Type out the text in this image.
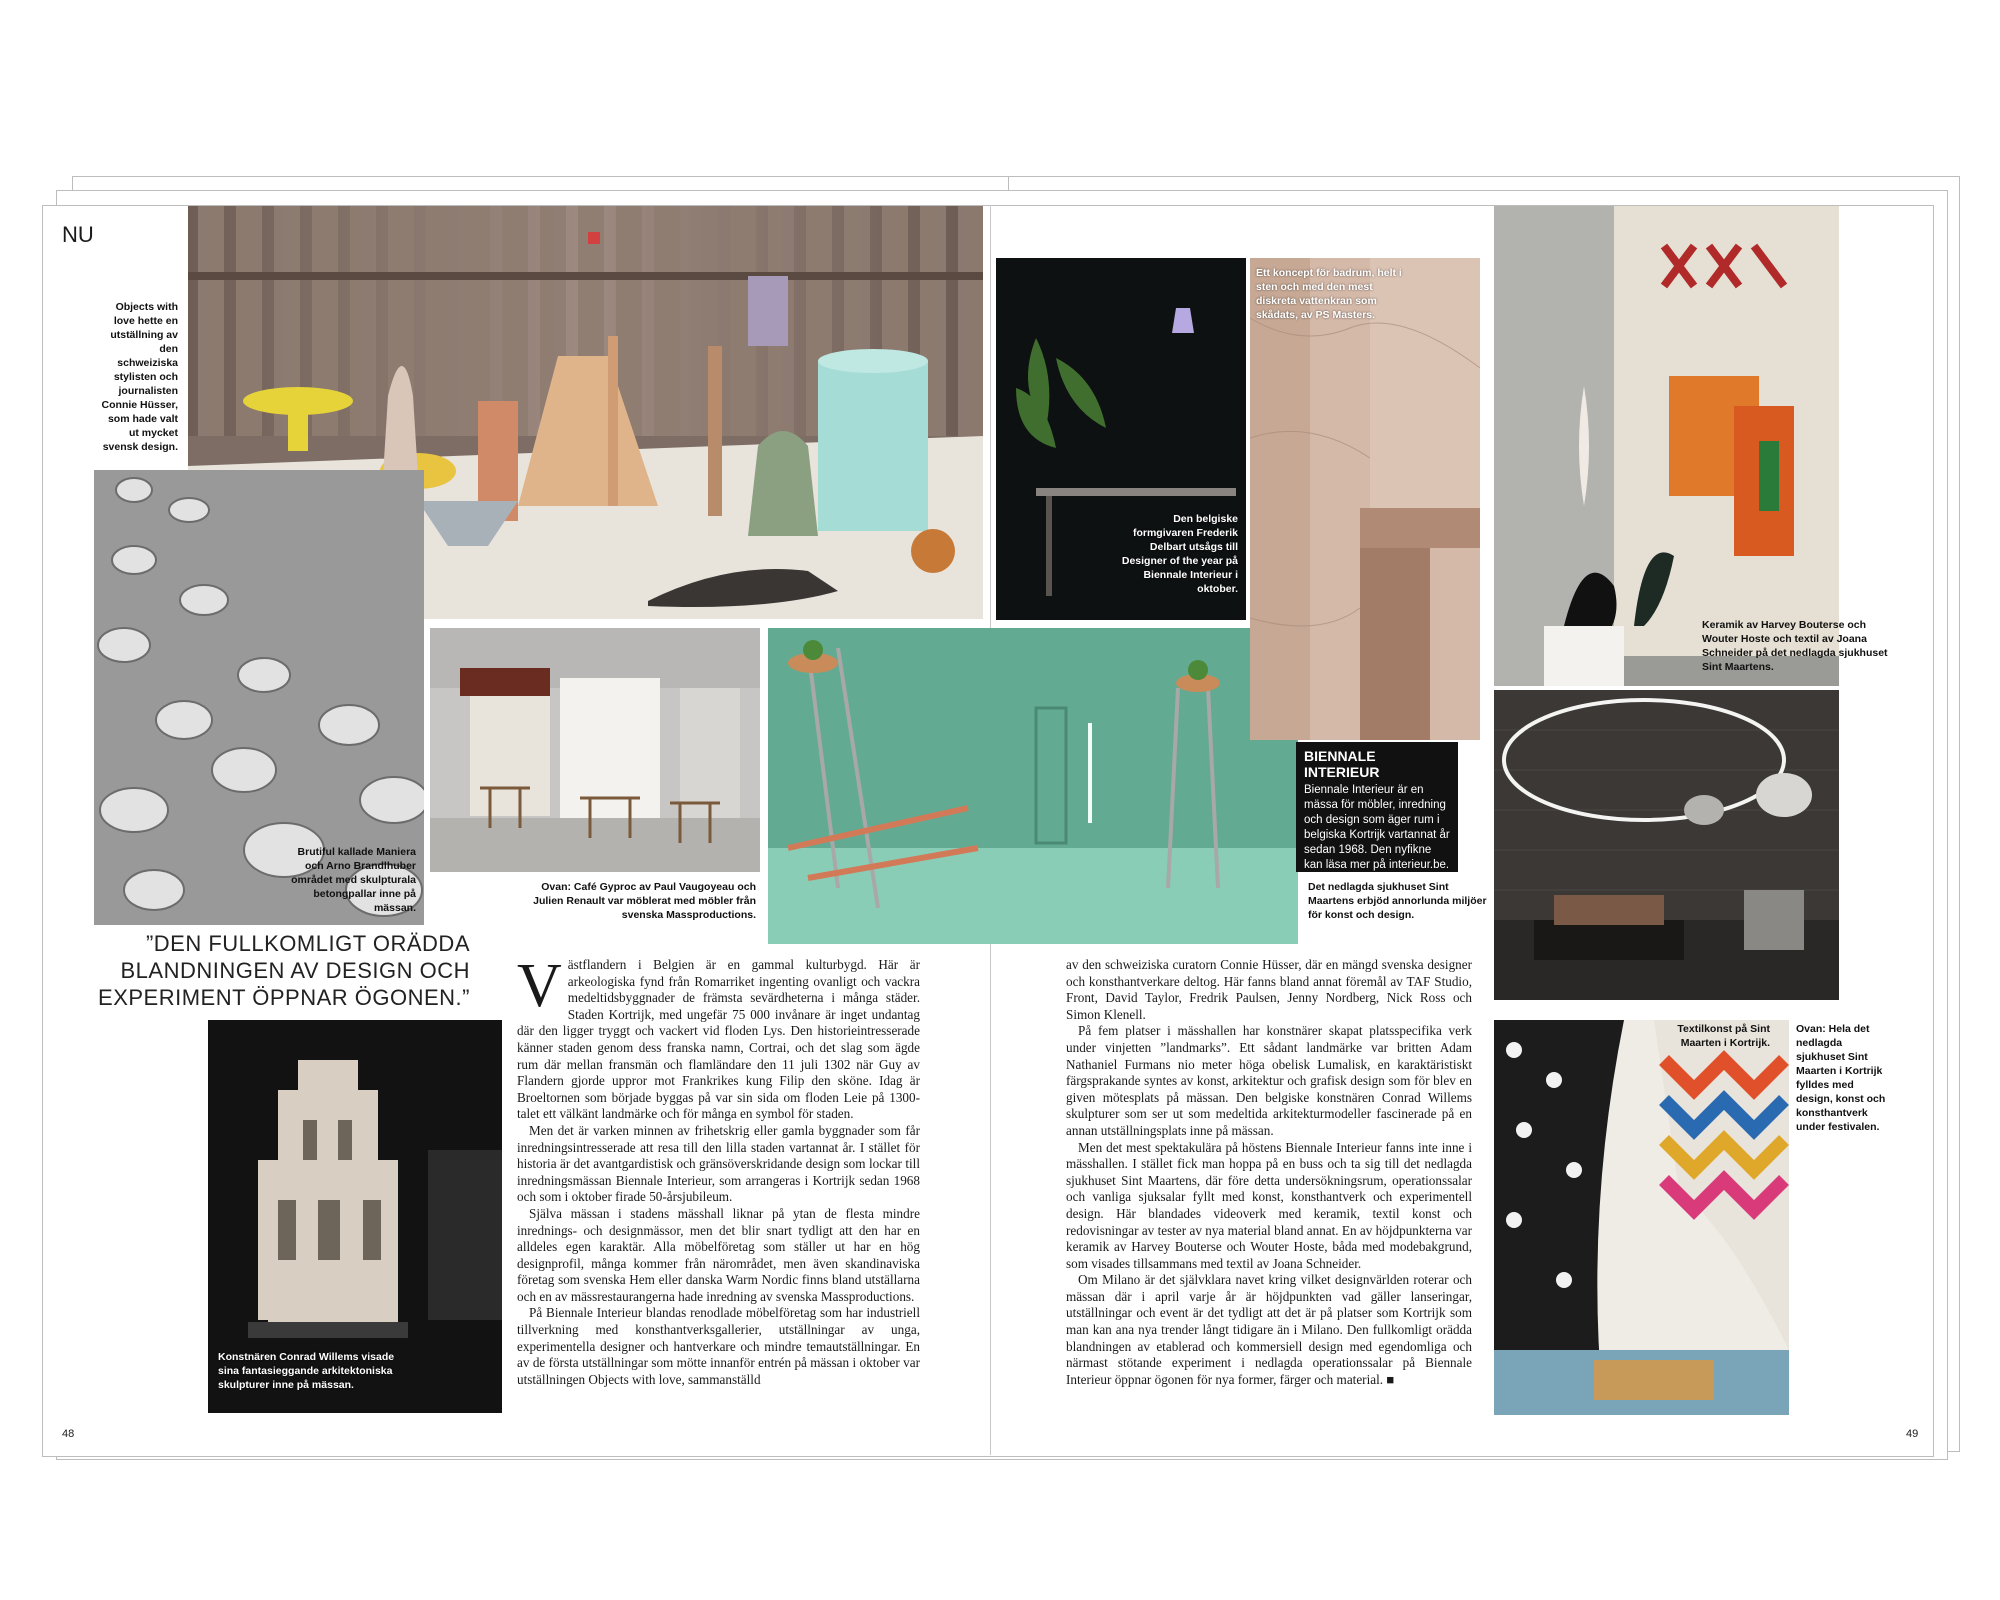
NU
Objects with love hette en utställning av den schweiziska stylisten och journalisten Connie Hüsser, som hade valt ut mycket svensk design.
Brutiful kallade Maniera och Arno Brandlhuber området med skulpturala betongpallar inne på mässan.
Ovan: Café Gyproc av Paul Vaugoyeau och Julien Renault var möblerat med möbler från svenska Massproductions.
Den belgiske formgivaren Frederik Delbart utsågs till Designer of the year på Biennale Interieur i oktober.
Ett koncept för badrum, helt i sten och med den mest diskreta vattenkran som skådats, av PS Masters.
Keramik av Harvey Bouterse och Wouter Hoste och textil av Joana Schneider på det nedlagda sjukhuset Sint Maartens.
Det nedlagda sjukhuset Sint Maartens erbjöd annorlunda miljöer för konst och design.
Textilkonst på Sint Maarten i Kortrijk.
Ovan: Hela det nedlagda sjukhuset Sint Maarten i Kortrijk fylldes med design, konst och konsthantverk under festivalen.
Konstnären Conrad Willems visade sina fantasieggande arkitektoniska skulpturer inne på mässan.
BIENNALE INTERIEUR
Biennale Interieur är en mässa för möbler, inredning och design som äger rum i belgiska Kortrijk vartannat år sedan 1968. Den nyfikne kan läsa mer på interieur.be.
”DEN FULLKOMLIGT ORÄDDA BLANDNINGEN AV DESIGN OCH EXPERIMENT ÖPPNAR ÖGONEN.” Västflandern i Belgien är en gammal kulturbygd. Här är arkeologiska fynd från Romarriket ingenting ovanligt och vackra medeltidsbyggnader de främsta sevärdheterna i många städer. Staden Kortrijk, med ungefär 75 000 invånare är inget undantag där den ligger tryggt och vackert vid floden Lys. Den historieintresserade känner staden genom dess franska namn, Cortrai, och det slag som ägde rum där mellan fransmän och flamländare den 11 juli 1302 när Guy av Flandern gjorde uppror mot Frankrikes kung Filip den sköne. Idag är Broeltornen som började byggas på var sin sida om floden Leie på 1300-talet ett välkänt landmärke och för många en symbol för staden.

Men det är varken minnen av frihetskrig eller gamla byggnader som får inredningsintresserade att resa till den lilla staden vartannat år. I stället för historia är det avantgardistisk och gränsöverskridande design som lockar till inredningsmässan Biennale Interieur, som arrangeras i Kortrijk sedan 1968 och som i oktober firade 50-årsjubileum.

Själva mässan i stadens mässhall liknar på ytan de flesta mindre inrednings- och designmässor, men det blir snart tydligt att den har en alldeles egen karaktär. Alla möbelföretag som ställer ut har en hög designprofil, många kommer från närområdet, men även skandinaviska företag som svenska Hem eller danska Warm Nordic finns bland utställarna och en av mässrestaurangerna hade inredning av svenska Massproductions.

På Biennale Interieur blandas renodlade möbelföretag som har industriell tillverkning med konsthantverksgallerier, utställningar av unga, experimentella designer och hantverkare och mindre temautställningar. En av de första utställningar som mötte innanför entrén på mässan i oktober var utställningen Objects with love, sammanställd

av den schweiziska curatorn Connie Hüsser, där en mängd svenska designer och konsthantverkare deltog. Här fanns bland annat föremål av TAF Studio, Front, David Taylor, Fredrik Paulsen, Jenny Nordberg, Nick Ross och Simon Klenell.

På fem platser i mässhallen har konstnärer skapat platsspecifika verk under vinjetten ”landmarks”. Ett sådant landmärke var britten Adam Nathaniel Furmans nio meter höga obelisk Lumalisk, en karaktäristiskt färgsprakande syntes av konst, arkitektur och grafisk design som för blev en given mötesplats på mässan. Den belgiske konstnären Conrad Willems skulpturer som ser ut som medeltida arkitekturmodeller fascinerade på en annan utställningsplats inne på mässan.

Men det mest spektakulära på höstens Biennale Interieur fanns inte inne i mässhallen. I stället fick man hoppa på en buss och ta sig till det nedlagda sjukhuset Sint Maartens, där före detta undersökningsrum, operationssalar och vanliga sjuksalar fyllt med konst, konsthantverk och experimentell design. Här blandades videoverk med keramik, textil konst och redovisningar av tester av nya material bland annat. En av höjdpunkterna var keramik av Harvey Bouterse och Wouter Hoste, båda med modebakgrund, som visades tillsammans med textil av Joana Schneider.

Om Milano är det självklara navet kring vilket designvärlden roterar och mässan där i april varje år är höjdpunkten vad gäller lanseringar, utställningar och event är det tydligt att det är på platser som Kortrijk som man kan ana nya trender långt tidigare än i Milano. Den fullkomligt orädda blandningen av etablerad och kommersiell design med egendomliga och närmast stötande experiment i nedlagda operationssalar på Biennale Interieur öppnar ögonen för nya former, färger och material. ■

48	49
